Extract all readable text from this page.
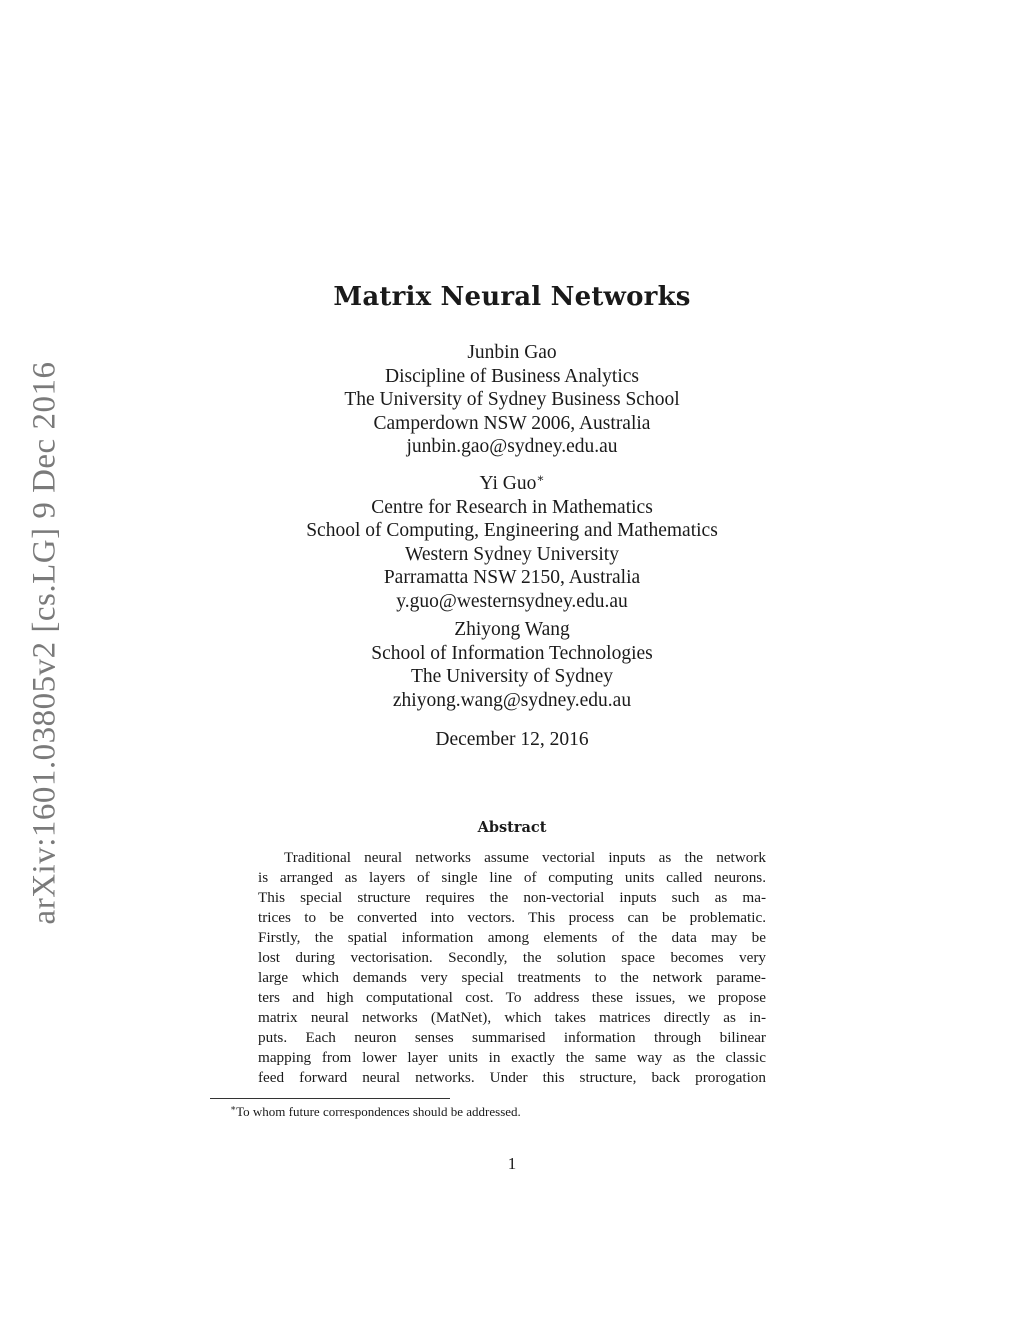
arXiv:1601.03805v2 [cs.LG] 9 Dec 2016
Matrix Neural Networks
Junbin Gao
Discipline of Business Analytics
The University of Sydney Business School
Camperdown NSW 2006, Australia
junbin.gao@sydney.edu.au
Yi Guo∗
Centre for Research in Mathematics
School of Computing, Engineering and Mathematics
Western Sydney University
Parramatta NSW 2150, Australia
y.guo@westernsydney.edu.au
Zhiyong Wang
School of Information Technologies
The University of Sydney
zhiyong.wang@sydney.edu.au
December 12, 2016
Abstract
Traditional neural networks assume vectorial inputs as the network
is arranged as layers of single line of computing units called neurons.
This special structure requires the non-vectorial inputs such as ma-
trices to be converted into vectors. This process can be problematic.
Firstly, the spatial information among elements of the data may be
lost during vectorisation. Secondly, the solution space becomes very
large which demands very special treatments to the network parame-
ters and high computational cost. To address these issues, we propose
matrix neural networks (MatNet), which takes matrices directly as in-
puts. Each neuron senses summarised information through bilinear
mapping from lower layer units in exactly the same way as the classic
feed forward neural networks. Under this structure, back prorogation
∗To whom future correspondences should be addressed.
1
